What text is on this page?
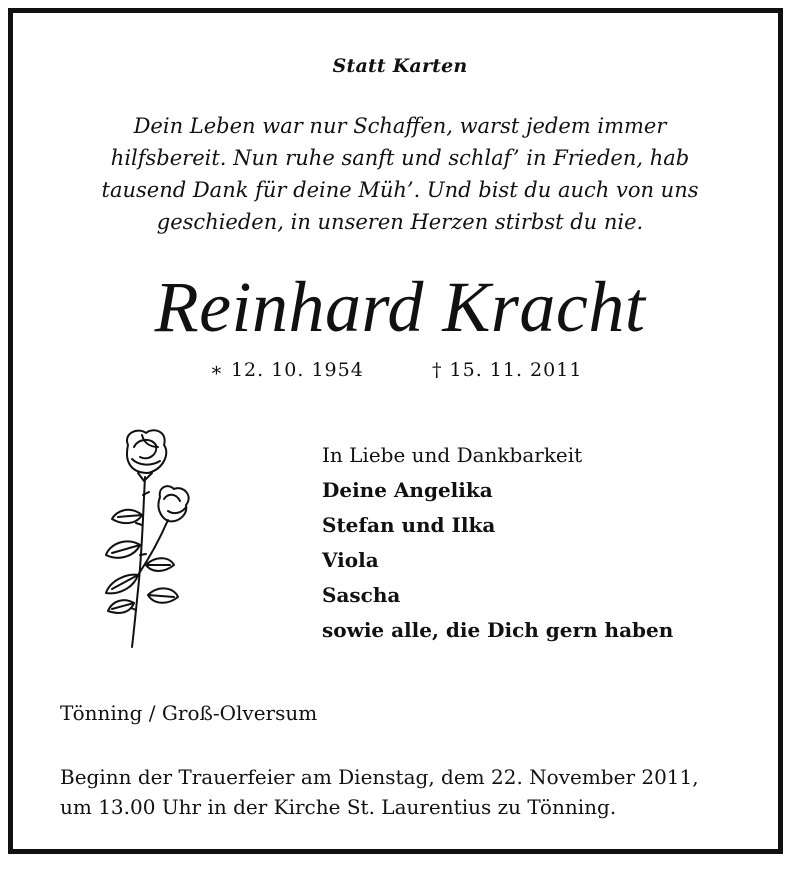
Statt Karten
Dein Leben war nur Schaffen, warst jedem immer
hilfsbereit. Nun ruhe sanft und schlaf’ in Frieden, hab
tausend Dank für deine Müh’. Und bist du auch von uns
geschieden, in unseren Herzen stirbst du nie.
Reinhard Kracht
∗ 12. 10. 1954	† 15. 11. 2011
In Liebe und Dankbarkeit
Deine Angelika
Stefan und Ilka
Viola
Sascha
sowie alle, die Dich gern haben
Tönning / Groß-Olversum
Beginn der Trauerfeier am Dienstag, dem 22. November 2011,
um 13.00 Uhr in der Kirche St. Laurentius zu Tönning.
